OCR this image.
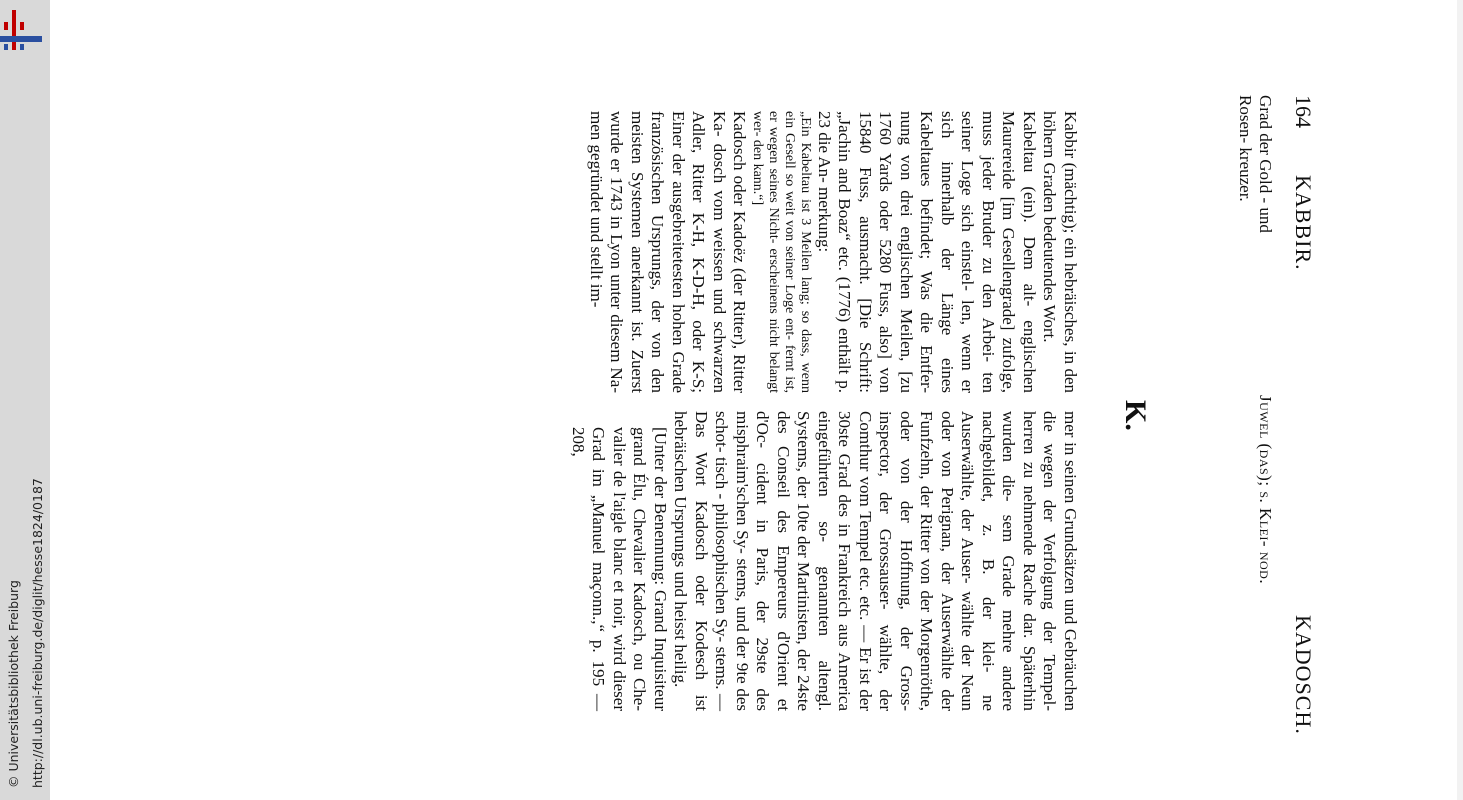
http://dl.ub.uni-freiburg.de/diglit/hesse1824/0187
© Universitätsbibliothek Freiburg
164
KABBIR.
KADOSCH.
K.
Grad der Gold - und Rosen- kreuzer.
Juwel (das); s. Klei- nod.

Kabbir (mächtig); ein hebräisches, in den höhern Graden bedeutendes Wort.

Kabeltau (ein). Dem alt- englischen Maurereide [im Gesellengrade] zufolge, muss jeder Bruder zu den Arbei- ten seiner Loge sich einstel- len, wenn er sich innerhalb der Länge eines Kabeltaues befindet; Was die Entfer- nung von drei englischen Meilen, [zu 1760 Yards oder 5280 Fuss, also] von 15840 Fuss, ausmacht. [Die Schrift: „Jachin and Boaz“ etc. (1776) enthält p. 23 die An- merkung:

„Ein Kabeltau ist 3 Meilen lang; so dass, wenn ein Gesell so weit von seiner Loge ent- fernt ist, er wegen seines Nicht- erscheinens nicht belangt wer- den kann.“]

Kadosch oder Kadoëz (der Ritter), Ritter Ka- dosch vom weissen und schwarzen Adler, Ritter K-H, K-D-H, oder K-S; Einer der ausgebreitetesten hohen Grade französischen Ursprungs, der von den meisten Systemen anerkannt ist. Zuerst wurde er 1743 in Lyon unter diesem Na- men gegründet und stellt im-

mer in seinen Grundsätzen und Gebräuchen die wegen der Verfolgung der Tempel- herren zu nehmende Rache dar. Späterhin wurden die- sem Grade mehre andere nachgebildet, z. B. der klei- ne Auserwählte, der Auser- wählte der Neun oder von Perignan, der Auserwählte der Funfzehn, der Ritter von der Morgenröthe, oder von der Hoffnung, der Gross- inspector, der Grossauser- wählte, der Comthur vom Tempel etc. etc. — Er ist der 30ste Grad des in Frankreich aus America eingeführten so- genannten altengl. Systems, der 10te der Martinisten, der 24ste des Conseil des Empereurs d'Orient et d'Oc- cident in Paris, der 29ste des misphraim'schen Sy- stems, und der 9te des schot- tisch - philosophischen Sy- stems. — Das Wort Kadosch oder Kodesch ist hebräischen Ursprungs und heisst heilig.

[Unter der Benennung: Grand Inquisiteur grand Élu, Chevalier Kadosch, ou Che- valier de l'aigle blanc et noir, wird dieser Grad im „Manuel maçonn.,“ p. 195 — 208,
